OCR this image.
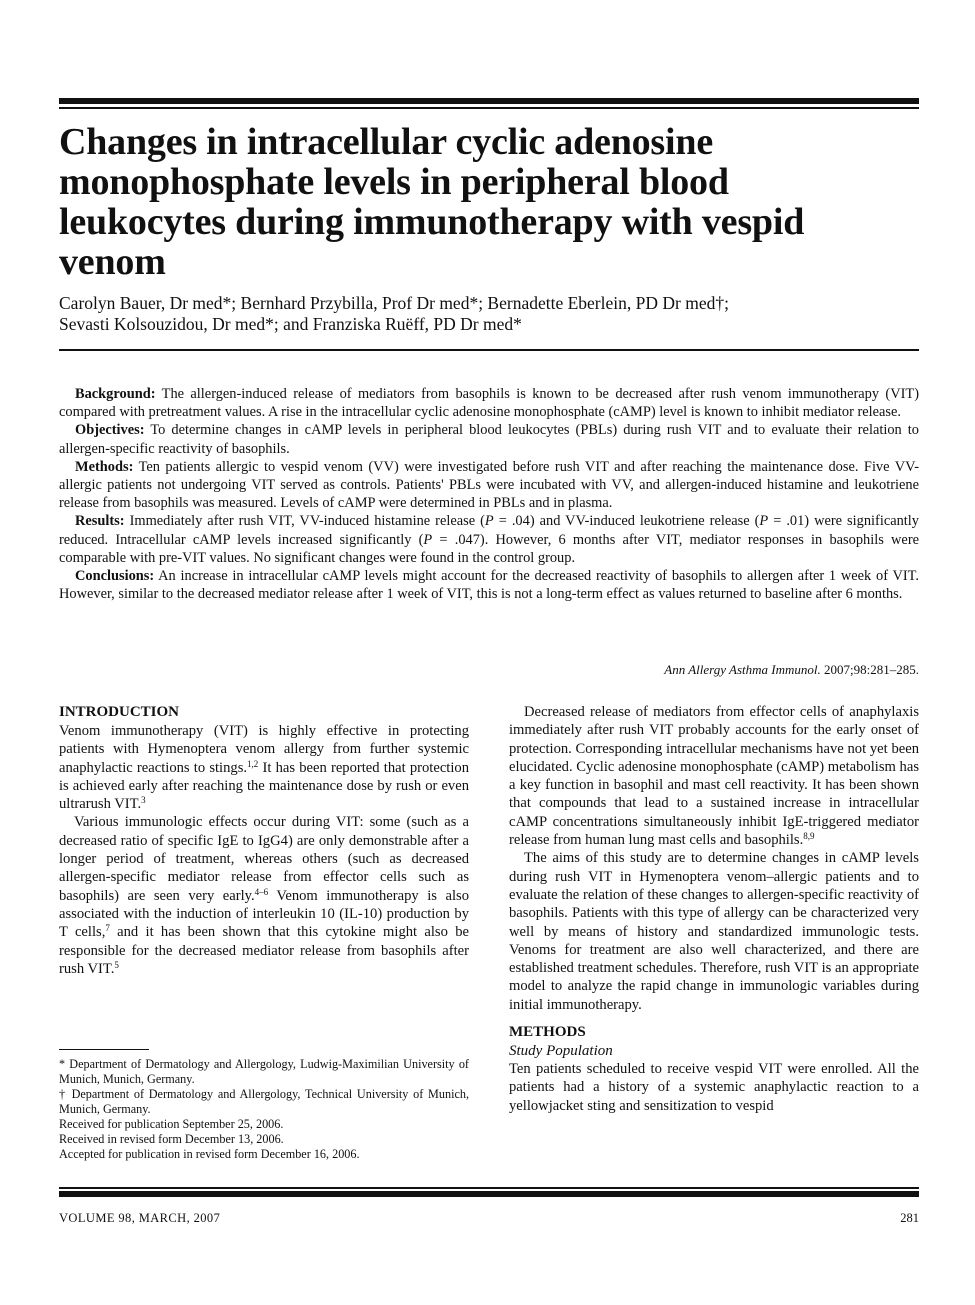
Changes in intracellular cyclic adenosine monophosphate levels in peripheral blood leukocytes during immunotherapy with vespid venom
Carolyn Bauer, Dr med*; Bernhard Przybilla, Prof Dr med*; Bernadette Eberlein, PD Dr med†;
Sevasti Kolsouzidou, Dr med*; and Franziska Ruëff, PD Dr med*

Background: The allergen-induced release of mediators from basophils is known to be decreased after rush venom immunotherapy (VIT) compared with pretreatment values. A rise in the intracellular cyclic adenosine monophosphate (cAMP) level is known to inhibit mediator release.

Objectives: To determine changes in cAMP levels in peripheral blood leukocytes (PBLs) during rush VIT and to evaluate their relation to allergen-specific reactivity of basophils.

Methods: Ten patients allergic to vespid venom (VV) were investigated before rush VIT and after reaching the maintenance dose. Five VV-allergic patients not undergoing VIT served as controls. Patients' PBLs were incubated with VV, and allergen-induced histamine and leukotriene release from basophils was measured. Levels of cAMP were determined in PBLs and in plasma.

Results: Immediately after rush VIT, VV-induced histamine release (P = .04) and VV-induced leukotriene release (P = .01) were significantly reduced. Intracellular cAMP levels increased significantly (P = .047). However, 6 months after VIT, mediator responses in basophils were comparable with pre-VIT values. No significant changes were found in the control group.

Conclusions: An increase in intracellular cAMP levels might account for the decreased reactivity of basophils to allergen after 1 week of VIT. However, similar to the decreased mediator release after 1 week of VIT, this is not a long-term effect as values returned to baseline after 6 months.

Ann Allergy Asthma Immunol. 2007;98:281–285.
INTRODUCTION

Venom immunotherapy (VIT) is highly effective in protecting patients with Hymenoptera venom allergy from further systemic anaphylactic reactions to stings.$^{1,2}$ It has been reported that protection is achieved early after reaching the maintenance dose by rush or even ultrarush VIT.$^3$

Various immunologic effects occur during VIT: some (such as a decreased ratio of specific IgE to IgG4) are only demonstrable after a longer period of treatment, whereas others (such as decreased allergen-specific mediator release from effector cells such as basophils) are seen very early.$^{4-6}$ Venom immunotherapy is also associated with the induction of interleukin 10 (IL-10) production by T cells,$^7$ and it has been shown that this cytokine might also be responsible for the decreased mediator release from basophils after rush VIT.$^5$

* Department of Dermatology and Allergology, Ludwig-Maximilian University of Munich, Munich, Germany.
† Department of Dermatology and Allergology, Technical University of Munich, Munich, Germany.
Received for publication September 25, 2006.
Received in revised form December 13, 2006.
Accepted for publication in revised form December 16, 2006.

Decreased release of mediators from effector cells of anaphylaxis immediately after rush VIT probably accounts for the early onset of protection. Corresponding intracellular mechanisms have not yet been elucidated. Cyclic adenosine monophosphate (cAMP) metabolism has a key function in basophil and mast cell reactivity. It has been shown that compounds that lead to a sustained increase in intracellular cAMP concentrations simultaneously inhibit IgE-triggered mediator release from human lung mast cells and basophils.$^{8,9}$

The aims of this study are to determine changes in cAMP levels during rush VIT in Hymenoptera venom–allergic patients and to evaluate the relation of these changes to allergen-specific reactivity of basophils. Patients with this type of allergy can be characterized very well by means of history and standardized immunologic tests. Venoms for treatment are also well characterized, and there are established treatment schedules. Therefore, rush VIT is an appropriate model to analyze the rapid change in immunologic variables during initial immunotherapy.

METHODS
Study Population

Ten patients scheduled to receive vespid VIT were enrolled. All the patients had a history of a systemic anaphylactic reaction to a yellowjacket sting and sensitization to vespid

VOLUME 98, MARCH, 2007	281
